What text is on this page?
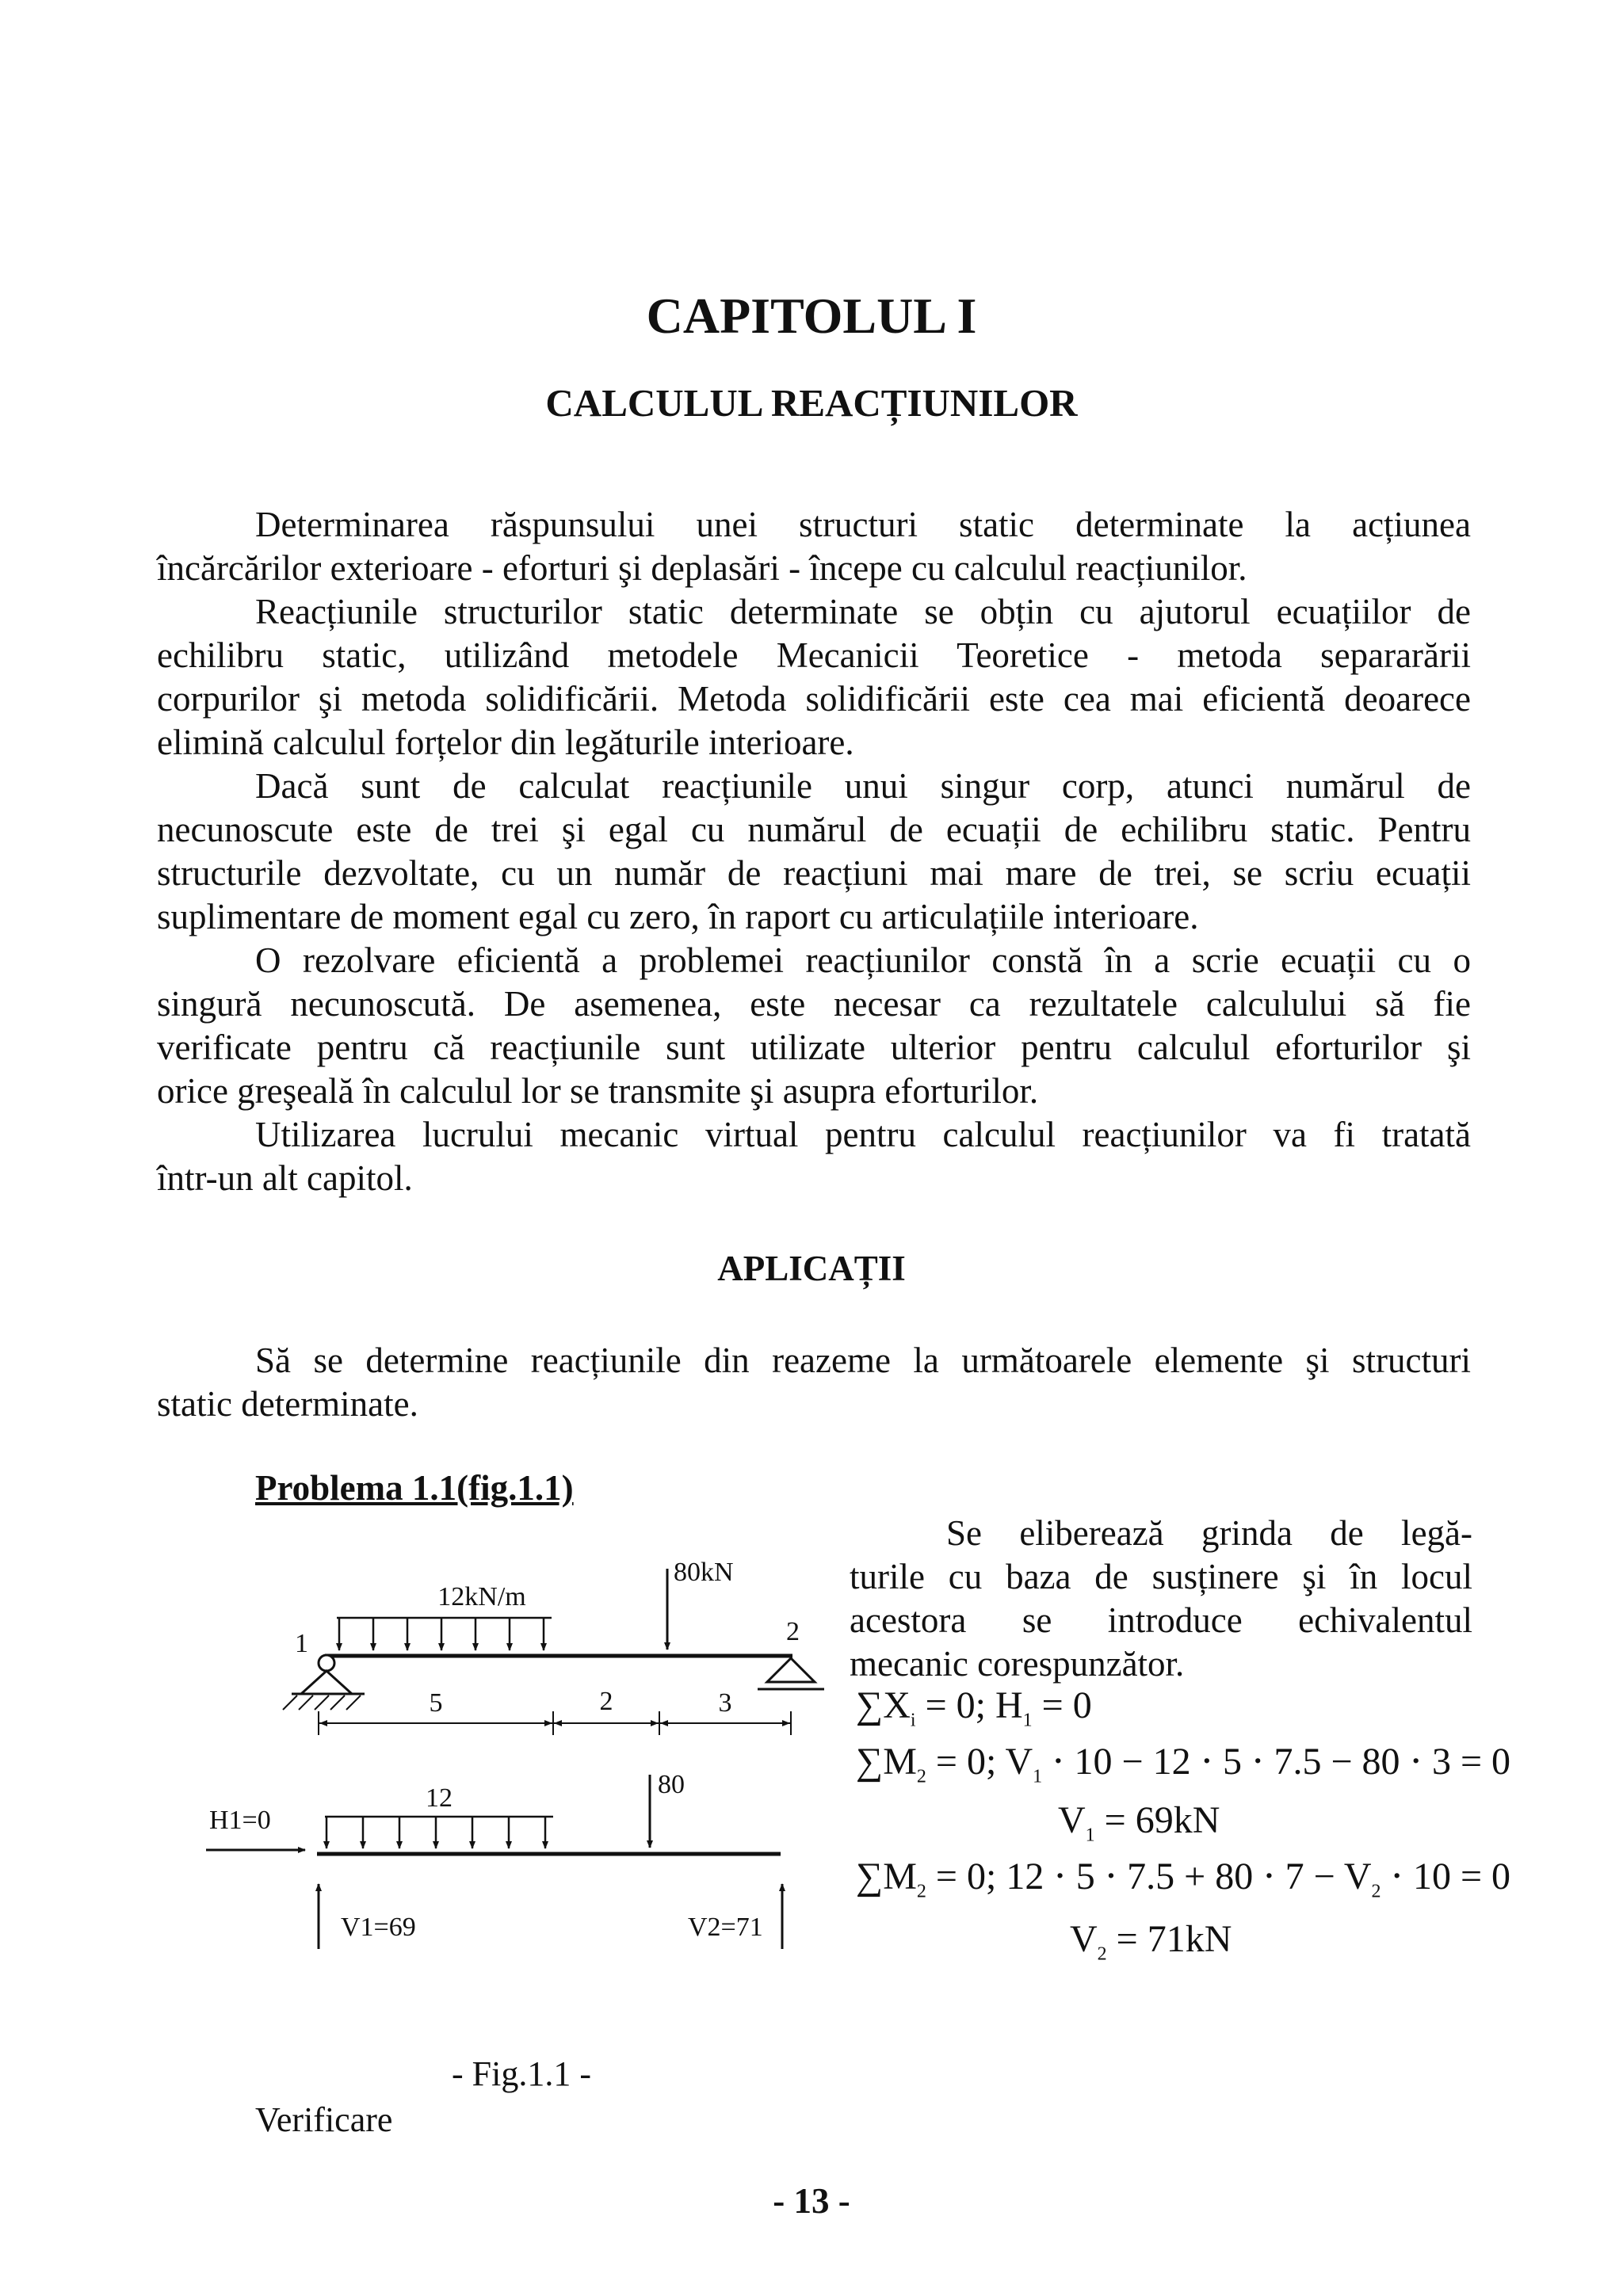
CAPITOLUL I
CALCULUL REACȚIUNILOR
Determinarea răspunsului unei structuri static determinate la acțiunea
încărcărilor exterioare - eforturi şi deplasări - începe cu calculul reacțiunilor.
Reacțiunile structurilor static determinate se obțin cu ajutorul ecuațiilor de
echilibru static, utilizând metodele Mecanicii Teoretice - metoda separarării
corpurilor şi metoda solidificării. Metoda solidificării este cea mai eficientă deoarece
elimină calculul forțelor din legăturile interioare.
Dacă sunt de calculat reacțiunile unui singur corp, atunci numărul de
necunoscute este de trei şi egal cu numărul de ecuații de echilibru static. Pentru
structurile dezvoltate, cu un număr de reacțiuni mai mare de trei, se scriu ecuații
suplimentare de moment egal cu zero, în raport cu articulațiile interioare.
O rezolvare eficientă a problemei reacțiunilor constă în a scrie ecuații cu o
singură necunoscută. De asemenea, este necesar ca rezultatele calculului să fie
verificate pentru că reacțiunile sunt utilizate ulterior pentru calculul eforturilor şi
orice greşeală în calculul lor se transmite şi asupra eforturilor.
Utilizarea lucrului mecanic virtual pentru calculul reacțiunilor va fi tratată
într-un alt capitol.
APLICAȚII
Să se determine reacțiunile din reazeme la următoarele elemente şi structuri
static determinate.
Problema 1.1(fig.1.1)
Se eliberează grinda de legă-
turile cu baza de susținere şi în locul
acestora se introduce echivalentul
mecanic corespunzător.
$\sum X_i = 0$; $H_1 = 0$
$\sum M_2 = 0$; $V_1 \cdot 10 - 12 \cdot 5 \cdot 7.5 - 80 \cdot 3 = 0$
$V_1 = 69kN$
$\sum M_2 = 0$; $12 \cdot 5 \cdot 7.5 + 80 \cdot 7 - V_2 \cdot 10 = 0$
$V_2 = 71kN$
12kN/m
80kN
1	2
5	2	3
12	80
H1=0
V1=69	V2=71
- Fig.1.1 -
Verificare
- 13 -
